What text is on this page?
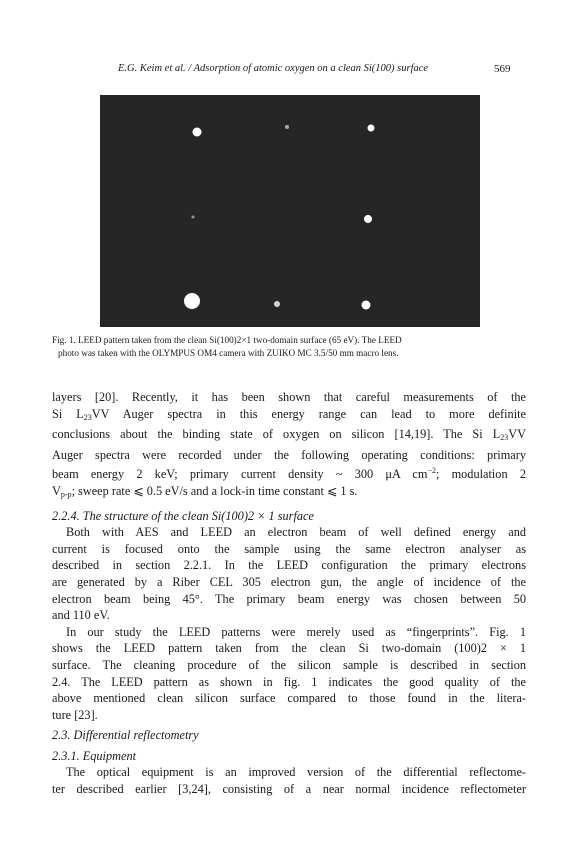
E.G. Keim et al. / Adsorption of atomic oxygen on a clean Si(100) surface	569
Fig. 1. LEED pattern taken from the clean Si(100)2×1 two-domain surface (65 eV). The LEED
photo was taken with the OLYMPUS OM4 camera with ZUIKO MC 3.5/50 mm macro lens.

layers [20]. Recently, it has been shown that careful measurements of the
Si $L_{23}VV$ Auger spectra in this energy range can lead to more definite
conclusions about the binding state of oxygen on silicon [14,19]. The Si $L_{23}VV$
Auger spectra were recorded under the following operating conditions: primary
beam energy 2 keV; primary current density ~ 300 μA $cm^{-2}$; modulation 2
$V_{p-p}$; sweep rate ⩽ 0.5 eV/s and a lock-in time constant ⩽ 1 s.

2.2.4. The structure of the clean Si(100)2 × 1 surface

Both with AES and LEED an electron beam of well defined energy and
current is focused onto the sample using the same electron analyser as
described in section 2.2.1. In the LEED configuration the primary electrons
are generated by a Riber CEL 305 electron gun, the angle of incidence of the
electron beam being 45°. The primary beam energy was chosen between 50
and 110 eV.

In our study the LEED patterns were merely used as “fingerprints”. Fig. 1
shows the LEED pattern taken from the clean Si two-domain (100)2 × 1
surface. The cleaning procedure of the silicon sample is described in section
2.4. The LEED pattern as shown in fig. 1 indicates the good quality of the
above mentioned clean silicon surface compared to those found in the litera-
ture [23].

2.3. Differential reflectometry

2.3.1. Equipment

The optical equipment is an improved version of the differential reflectome-
ter described earlier [3,24], consisting of a near normal incidence reflectometer
